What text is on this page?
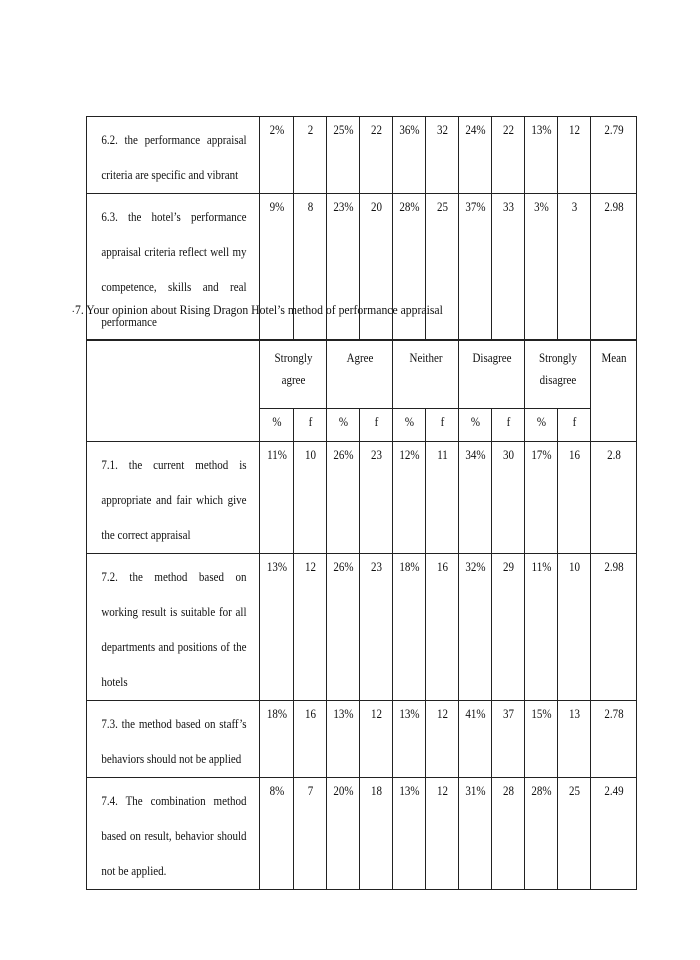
6.2. the performance appraisal criteria are specific and vibrant	2%	2	25%	22	36%	32	24%	22	13%	12	2.79
6.3. the hotel’s performance appraisal criteria reflect well my competence, skills and real performance	9%	8	23%	20	28%	25	37%	33	3%	3	2.98
. 7. Your opinion about Rising Dragon Hotel’s method of performance appraisal
	Strongly agree		Agree		Neither		Disagree		Strongly disagree		Mean
	%	f	%	f	%	f	%	f	%	f	
7.1. the current method is appropriate and fair which give the correct appraisal	11%	10	26%	23	12%	11	34%	30	17%	16	2.8
7.2. the method based on working result is suitable for all departments and positions of the hotels	13%	12	26%	23	18%	16	32%	29	11%	10	2.98
7.3. the method based on staff’s behaviors should not be applied	18%	16	13%	12	13%	12	41%	37	15%	13	2.78
7.4. The combination method based on result, behavior should not be applied.	8%	7	20%	18	13%	12	31%	28	28%	25	2.49
